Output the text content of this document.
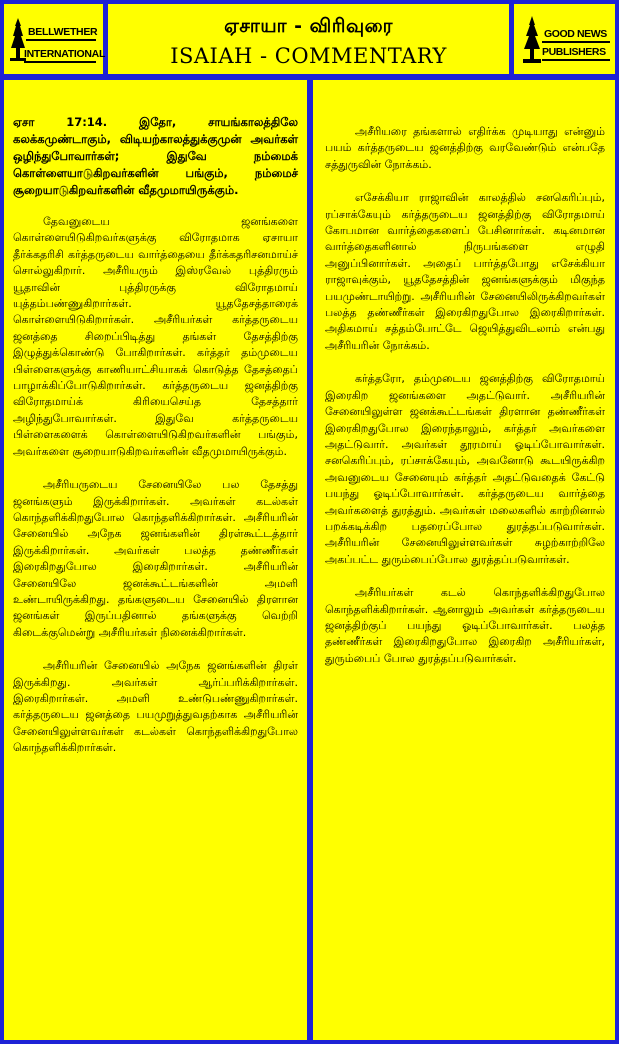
BELLWETHER
INTERNATIONAL
ஏசாயா - விரிவுரை
ISAIAH - COMMENTARY
GOOD NEWS
PUBLISHERS
ஏசா 17:14. இதோ, சாயங்காலத்திலே கலக்கமுண்டாகும், விடியற்காலத்துக்குமுன் அவர்கள் ஒழிந்துபோவார்கள்; இதுவே நம்மைக் கொள்ளையாடுகிறவர்களின் பங்கும், நம்மைச் சூறையாடுகிறவர்களின் வீதமுமாயிருக்கும்.

தேவனுடைய ஜனங்களை கொள்ளையிடுகிறவர்களுக்கு விரோதமாக ஏசாயா தீர்க்கதரிசி கர்த்தருடைய வார்த்தையை தீர்க்கதரிசனமாய்ச் சொல்லுகிறார். அசீரியரும் இஸ்ரவேல் புத்திரரும் யூதாவின் புத்திரருக்கு விரோதமாய் யுத்தம்பண்ணுகிறார்கள். யூததேசத்தாரைக் கொள்ளையிடுகிறார்கள். அசீரியர்கள் கர்த்தருடைய ஜனத்தை சிறைப்பிடித்து தங்கள் தேசத்திற்கு இழுத்துக்கொண்டு போகிறார்கள். கர்த்தர் தம்முடைய பிள்ளைகளுக்கு காணியாட்சியாகக் கொடுத்த தேசத்தைப் பாழாக்கிப்போடுகிறார்கள். கர்த்தருடைய ஜனத்திற்கு விரோதமாய்க் கிரியைசெய்த தேசத்தார் அழிந்துபோவார்கள். இதுவே கர்த்தருடைய பிள்ளைகளைக் கொள்ளையிடுகிறவர்களின் பங்கும், அவர்களை சூறையாடுகிறவர்களின் வீதமுமாயிருக்கும்.

அசீரியருடைய சேனையிலே பல தேசத்து ஜனங்களும் இருக்கிறார்கள். அவர்கள் கடல்கள் கொந்தளிக்கிறதுபோல கொந்தளிக்கிறார்கள். அசீரியரின் சேனையில் அநேக ஜனங்களின் திரள்கூட்டத்தார் இருக்கிறார்கள். அவர்கள் பலத்த தண்ணீர்கள் இரைகிறதுபோல இரைகிறார்கள். அசீரியரின் சேனையிலே ஜனக்கூட்டங்களின் அமளி உண்டாயிருக்கிறது. தங்களுடைய சேனையில் திரளான ஜனங்கள் இருப்பதினால் தங்களுக்கு வெற்றி கிடைக்குமென்று அசீரியர்கள் நினைக்கிறார்கள்.

அசீரியரின் சேனையில் அநேக ஜனங்களின் திரள் இருக்கிறது. அவர்கள் ஆர்ப்பரிக்கிறார்கள். இரைகிறார்கள். அமளி உண்டுபண்ணுகிறார்கள். கர்த்தருடைய ஜனத்தை பயமுறுத்துவதற்காக அசீரியரின் சேனையிலுள்ளவர்கள் கடல்கள் கொந்தளிக்கிறதுபோல கொந்தளிக்கிறார்கள்.

அசீரியரை தங்களால் எதிர்க்க முடியாது என்னும் பயம் கர்த்தருடைய ஜனத்திற்கு வரவேண்டும் என்பதே சத்துருவின் நோக்கம்.

எசேக்கியா ராஜாவின் காலத்தில் சனகெரிப்பும், ரப்சாக்கேயும் கர்த்தருடைய ஜனத்திற்கு விரோதமாய் கோபமான வார்த்தைகளைப் பேசினார்கள். கடினமான வார்த்தைகளினால் நிருபங்களை எழுதி அனுப்பினார்கள். அதைப் பார்த்தபோது எசேக்கியா ராஜாவுக்கும், யூததேசத்தின் ஜனங்களுக்கும் மிகுந்த பயமுண்டாயிற்று. அசீரியரின் சேனையிலிருக்கிறவர்கள் பலத்த தண்ணீர்கள் இரைகிறதுபோல இரைகிறார்கள். அதிகமாய் சத்தம்போட்டே ஜெயித்துவிடலாம் என்பது அசீரியரின் நோக்கம்.

கர்த்தரோ, தம்முடைய ஜனத்திற்கு விரோதமாய் இரைகிற ஜனங்களை அதட்டுவார். அசீரியரின் சேனையிலுள்ள ஜனக்கூட்டங்கள் திரளான தண்ணீர்கள் இரைகிறதுபோல இரைந்தாலும், கர்த்தர் அவர்களை அதட்டுவார். அவர்கள் தூரமாய் ஓடிப்போவார்கள். சனகெரிப்பும், ரப்சாக்கேயும், அவனோடு கூடயிருக்கிற அவனுடைய சேனையும் கர்த்தர் அதட்டுவதைக் கேட்டு பயந்து ஓடிப்போவார்கள். கர்த்தருடைய வார்த்தை அவர்களைத் துரத்தும். அவர்கள் மலைகளில் காற்றினால் பறக்கடிக்கிற பதரைப்போல துரத்தப்படுவார்கள். அசீரியரின் சேனையிலுள்ளவர்கள் சுழற்காற்றிலே அகப்பட்ட துரும்பைப்போல துரத்தப்படுவார்கள்.

அசீரியர்கள் கடல் கொந்தளிக்கிறதுபோல கொந்தளிக்கிறார்கள். ஆனாலும் அவர்கள் கர்த்தருடைய ஜனத்திற்குப் பயந்து ஓடிப்போவார்கள். பலத்த தண்ணீர்கள் இரைகிறதுபோல இரைகிற அசீரியர்கள், துரும்பைப் போல துரத்தப்படுவார்கள்.
